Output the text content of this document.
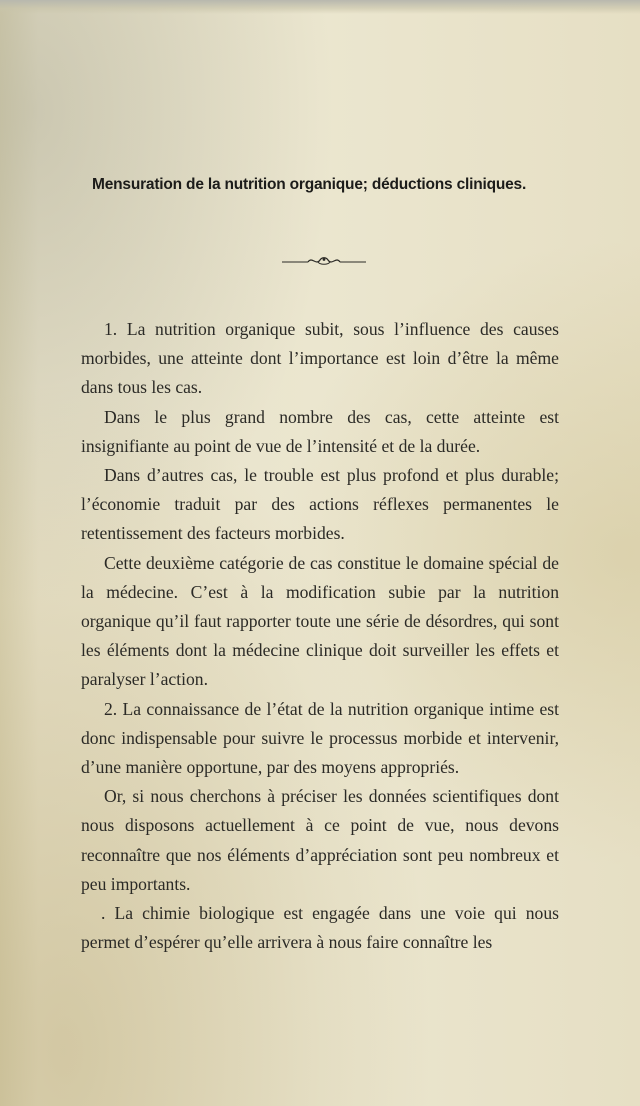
Mensuration de la nutrition organique; déductions cliniques.

1. La nutrition organique subit, sous l’influence des causes morbides, une atteinte dont l’importance est loin d’être la même dans tous les cas.

Dans le plus grand nombre des cas, cette atteinte est insignifiante au point de vue de l’intensité et de la durée.

Dans d’autres cas, le trouble est plus profond et plus durable; l’économie traduit par des actions réflexes permanentes le retentissement des facteurs morbides.

Cette deuxième catégorie de cas constitue le domaine spécial de la médecine. C’est à la modification subie par la nutrition organique qu’il faut rapporter toute une série de désordres, qui sont les éléments dont la médecine clinique doit surveiller les effets et paralyser l’action.

2. La connaissance de l’état de la nutrition organique intime est donc indispensable pour suivre le processus morbide et intervenir, d’une manière opportune, par des moyens appropriés.

Or, si nous cherchons à préciser les données scientifiques dont nous disposons actuellement à ce point de vue, nous devons reconnaître que nos éléments d’appréciation sont peu nombreux et peu importants.

. La chimie biologique est engagée dans une voie qui nous permet d’espérer qu’elle arrivera à nous faire connaître les
